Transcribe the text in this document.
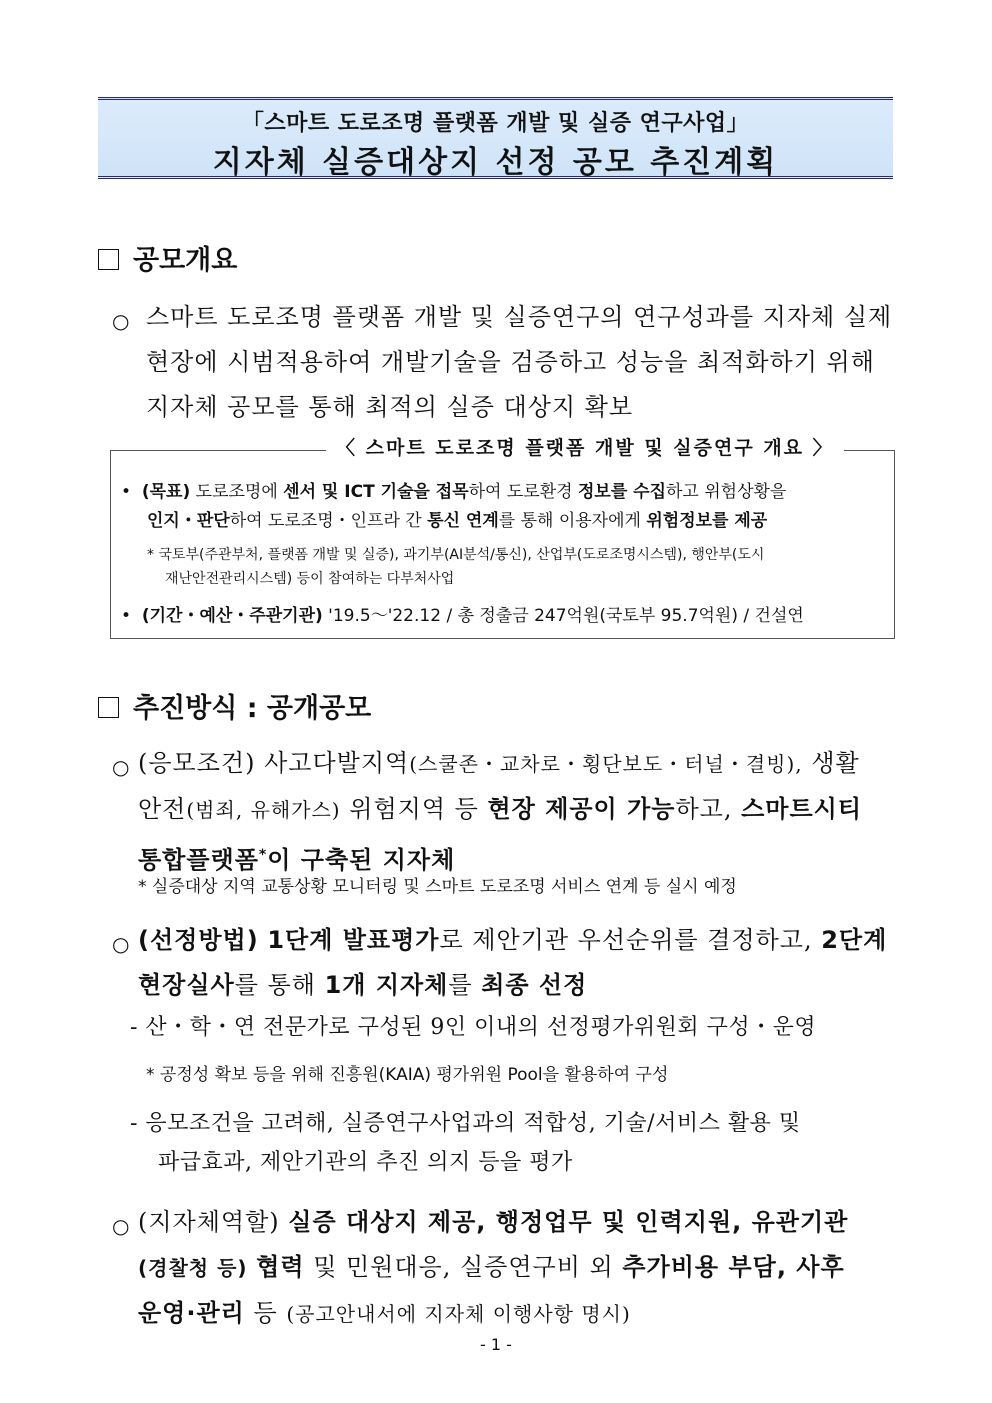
「스마트 도로조명 플랫폼 개발 및 실증 연구사업」
지자체 실증대상지 선정 공모 추진계획
공모개요
○ 스마트 도로조명 플랫폼 개발 및 실증연구의 연구성과를 지자체 실제
현장에 시범적용하여 개발기술을 검증하고 성능을 최적화하기 위해
지자체 공모를 통해 최적의 실증 대상지 확보
〈 스마트 도로조명 플랫폼 개발 및 실증연구 개요 〉
• (목표) 도로조명에 센서 및 ICT 기술을 접목하여 도로환경 정보를 수집하고 위험상황을
인지・판단하여 도로조명・인프라 간 통신 연계를 통해 이용자에게 위험정보를 제공
* 국토부(주관부처, 플랫폼 개발 및 실증), 과기부(AI분석/통신), 산업부(도로조명시스템), 행안부(도시
재난안전관리시스템) 등이 참여하는 다부처사업
• (기간・예산・주관기관) '19.5～'22.12 / 총 정출금 247억원(국토부 95.7억원) / 건설연
추진방식 : 공개공모
○ (응모조건) 사고다발지역(스쿨존・교차로・횡단보도・터널・결빙), 생활
안전(범죄, 유해가스) 위험지역 등 현장 제공이 가능하고, 스마트시티
통합플랫폼*이 구축된 지자체
* 실증대상 지역 교통상황 모니터링 및 스마트 도로조명 서비스 연계 등 실시 예정
○ (선정방법) 1단계 발표평가로 제안기관 우선순위를 결정하고, 2단계
현장실사를 통해 1개 지자체를 최종 선정
- 산・학・연 전문가로 구성된 9인 이내의 선정평가위원회 구성・운영
* 공정성 확보 등을 위해 진흥원(KAIA) 평가위원 Pool을 활용하여 구성
- 응모조건을 고려해, 실증연구사업과의 적합성, 기술/서비스 활용 및
파급효과, 제안기관의 추진 의지 등을 평가
○ (지자체역할) 실증 대상지 제공, 행정업무 및 인력지원, 유관기관
(경찰청 등) 협력 및 민원대응, 실증연구비 외 추가비용 부담, 사후
운영·관리 등 (공고안내서에 지자체 이행사항 명시)
- 1 -
